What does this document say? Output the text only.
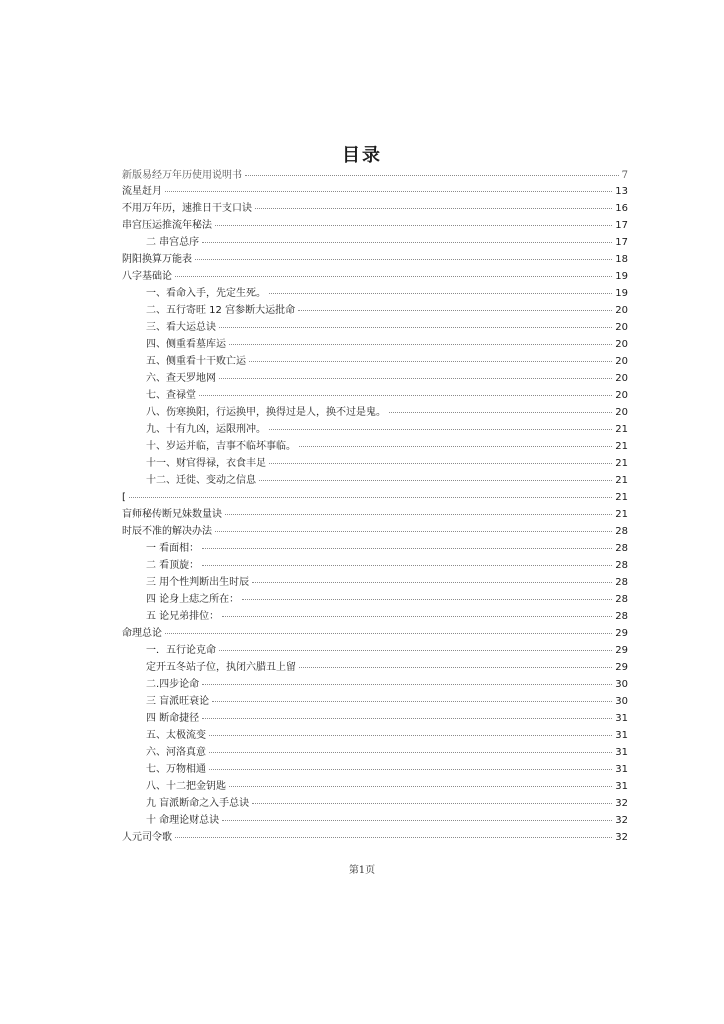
目录
新版易经万年历使用说明书	7
流星赶月	13
不用万年历，速推日干支口诀	16
串宫压运推流年秘法	17
二 串宫总序	17
阴阳换算万能表	18
八字基础论	19
一、看命入手，先定生死。	19
二、五行寄旺 12 宫参断大运批命	20
三、看大运总诀	20
四、侧重看墓库运	20
五、侧重看十干败亡运	20
六、查天罗地网	20
七、查禄堂	20
八、伤寒换阳，行运换甲，换得过是人，换不过是鬼。	20
九、十有九凶，运限刑冲。	21
十、岁运并临，吉事不临坏事临。	21
十一、财官得禄，衣食丰足	21
十二、迁徙、变动之信息	21
[	21
盲师秘传断兄妹数量诀	21
时辰不准的解决办法	28
一 看面相：	28
二 看顶旋：	28
三 用个性判断出生时辰	28
四 论身上痣之所在：	28
五 论兄弟排位：	28
命理总论	29
一．五行论克命	29
定开五冬站子位，执闭六腊丑上留	29
二.四步论命	30
三 盲派旺衰论	30
四 断命捷径	31
五、太极流变	31
六、河洛真意	31
七、万物相通	31
八、十二把金钥匙	31
九 盲派断命之入手总诀	32
十 命理论财总诀	32
人元司令歌	32
第1页
